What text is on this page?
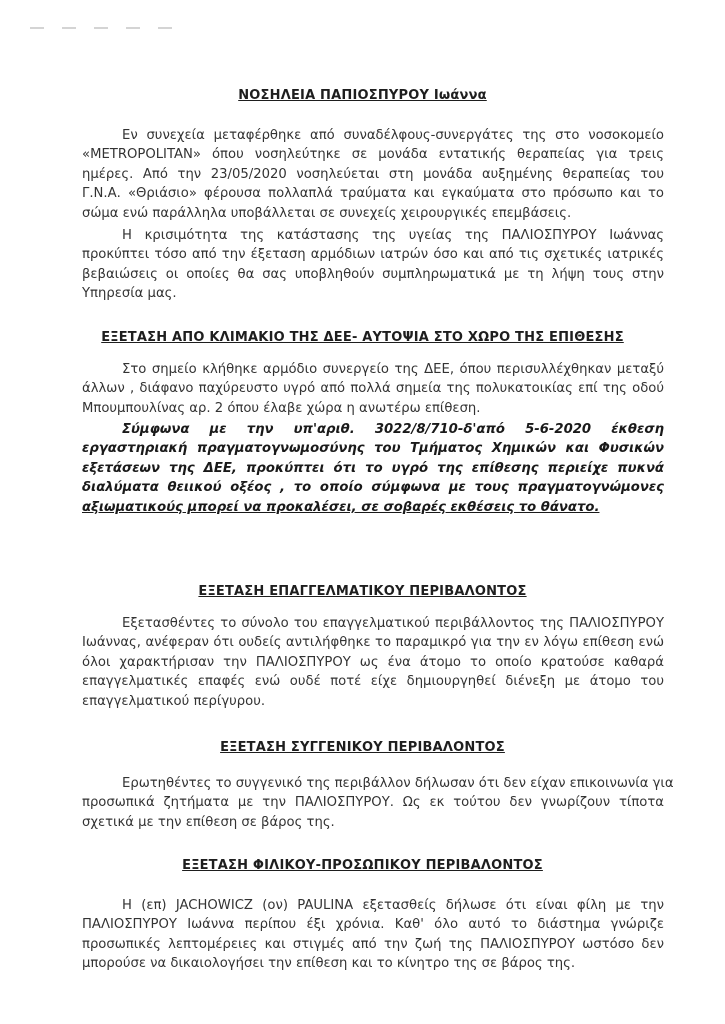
ΝΟΣΗΛΕΙΑ ΠΑΠΙΟΣΠΥΡΟΥ Ιωάννα

Εν συνεχεία μεταφέρθηκε από συναδέλφους-συνεργάτες της στο νοσοκομείο
«METROPOLITAN» όπου νοσηλεύτηκε σε μονάδα εντατικής θεραπείας για τρεις
ημέρες. Από την 23/05/2020 νοσηλεύεται στη μονάδα αυξημένης θεραπείας του
Γ.Ν.Α. «Θριάσιο» φέρουσα πολλαπλά τραύματα και εγκαύματα στο πρόσωπο και το
σώμα ενώ παράλληλα υποβάλλεται σε συνεχείς χειρουργικές επεμβάσεις.

Η κρισιμότητα της κατάστασης της υγείας της ΠΑΛΙΟΣΠΥΡΟΥ Ιωάννας
προκύπτει τόσο από την έξεταση αρμόδιων ιατρών όσο και από τις σχετικές ιατρικές
βεβαιώσεις οι οποίες θα σας υποβληθούν συμπληρωματικά με τη λήψη τους στην
Υπηρεσία μας.

ΕΞΕΤΑΣΗ ΑΠΟ ΚΛΙΜΑΚΙΟ ΤΗΣ ΔΕΕ- ΑΥΤΟΨΙΑ ΣΤΟ ΧΩΡΟ ΤΗΣ ΕΠΙΘΕΣΗΣ

Στο σημείο κλήθηκε αρμόδιο συνεργείο της ΔΕΕ, όπου περισυλλέχθηκαν μεταξύ
άλλων , διάφανο παχύρευστο υγρό από πολλά σημεία της πολυκατοικίας επί της οδού
Μπουμπουλίνας αρ. 2 όπου έλαβε χώρα η ανωτέρω επίθεση.

Σύμφωνα με την υπ'αριθ. 3022/8/710-δ'από 5-6-2020 έκθεση
εργαστηριακή πραγματογνωμοσύνης του Τμήματος Χημικών και Φυσικών
εξετάσεων της ΔΕΕ, προκύπτει ότι το υγρό της επίθεσης περιείχε πυκνά
διαλύματα θειικού οξέος , το οποίο σύμφωνα με τους πραγματογνώμονες
αξιωματικούς μπορεί να προκαλέσει, σε σοβαρές εκθέσεις το θάνατο.

ΕΞΕΤΑΣΗ ΕΠΑΓΓΕΛΜΑΤΙΚΟΥ ΠΕΡΙΒΑΛΟΝΤΟΣ

Εξετασθέντες το σύνολο του επαγγελματικού περιβάλλοντος της ΠΑΛΙΟΣΠΥΡΟΥ
Ιωάννας, ανέφεραν ότι ουδείς αντιλήφθηκε το παραμικρό για την εν λόγω επίθεση ενώ
όλοι χαρακτήρισαν την ΠΑΛΙΟΣΠΥΡΟΥ ως ένα άτομο το οποίο κρατούσε καθαρά
επαγγελματικές επαφές ενώ ουδέ ποτέ είχε δημιουργηθεί διένεξη με άτομο του
επαγγελματικού περίγυρου.

ΕΞΕΤΑΣΗ ΣΥΓΓΕΝΙΚΟΥ ΠΕΡΙΒΑΛΟΝΤΟΣ

Ερωτηθέντες το συγγενικό της περιβάλλον δήλωσαν ότι δεν είχαν επικοινωνία για
προσωπικά ζητήματα με την ΠΑΛΙΟΣΠΥΡΟΥ. Ως εκ τούτου δεν γνωρίζουν τίποτα
σχετικά με την επίθεση σε βάρος της.

ΕΞΕΤΑΣΗ ΦΙΛΙΚΟΥ-ΠΡΟΣΩΠΙΚΟΥ ΠΕΡΙΒΑΛΟΝΤΟΣ

Η (επ) JACHOWICZ (ον) PAULINA εξετασθείς δήλωσε ότι είναι φίλη με την
ΠΑΛΙΟΣΠΥΡΟΥ Ιωάννα περίπου έξι χρόνια. Καθ' όλο αυτό το διάστημα γνώριζε
προσωπικές λεπτομέρειες και στιγμές από την ζωή της ΠΑΛΙΟΣΠΥΡΟΥ ωστόσο δεν
μπορούσε να δικαιολογήσει την επίθεση και το κίνητρο της σε βάρος της.
